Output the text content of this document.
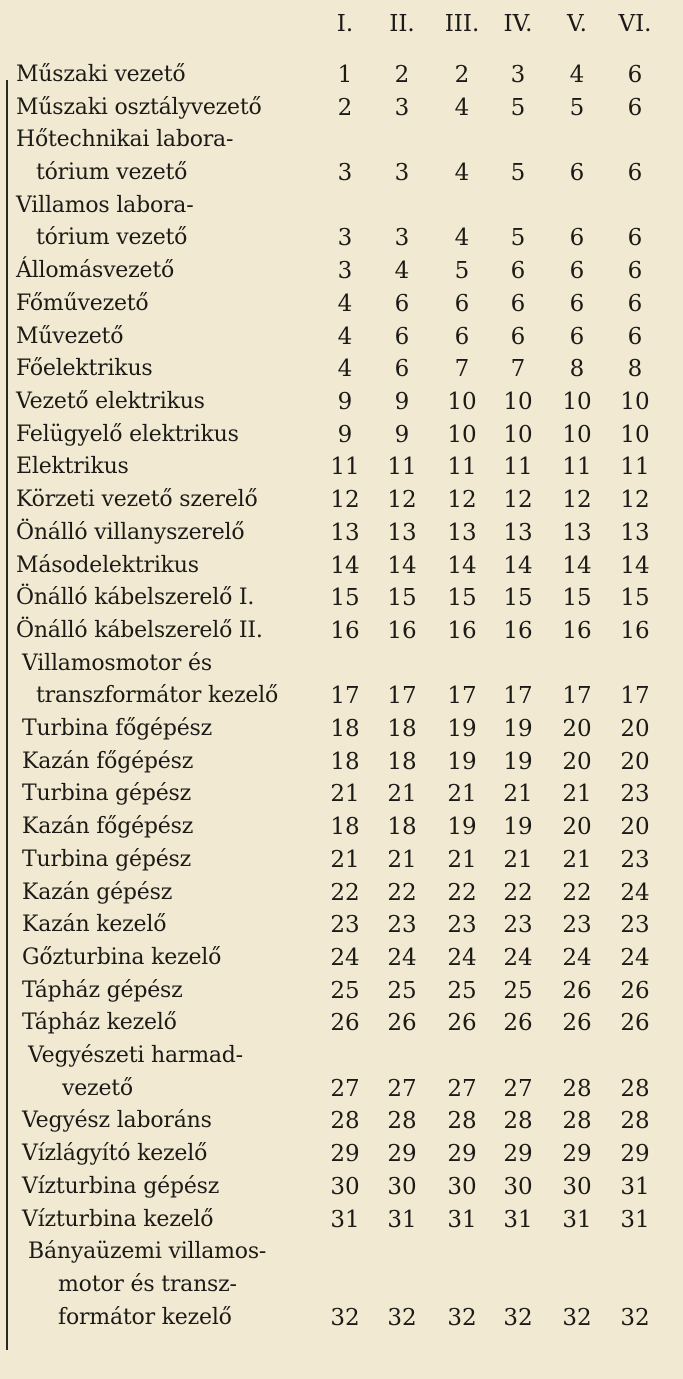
I.	II.	III.	IV.	V.	VI.
Műszaki vezető	1	2	2	3	4	6
Műszaki osztályvezető	2	3	4	5	5	6
Hőtechnikai labora-
tórium vezető	3	3	4	5	6	6
Villamos labora-
tórium vezető	3	3	4	5	6	6
Állomásvezető	3	4	5	6	6	6
Főművezető	4	6	6	6	6	6
Művezető	4	6	6	6	6	6
Főelektrikus	4	6	7	7	8	8
Vezető elektrikus	9	9	10	10	10	10
Felügyelő elektrikus	9	9	10	10	10	10
Elektrikus	11	11	11	11	11	11
Körzeti vezető szerelő	12	12	12	12	12	12
Önálló villanyszerelő	13	13	13	13	13	13
Másodelektrikus	14	14	14	14	14	14
Önálló kábelszerelő I.	15	15	15	15	15	15
Önálló kábelszerelő II.	16	16	16	16	16	16
Villamosmotor és
transzformátor kezelő	17	17	17	17	17	17
Turbina főgépész	18	18	19	19	20	20
Kazán főgépész	18	18	19	19	20	20
Turbina gépész	21	21	21	21	21	23
Kazán főgépész	18	18	19	19	20	20
Turbina gépész	21	21	21	21	21	23
Kazán gépész	22	22	22	22	22	24
Kazán kezelő	23	23	23	23	23	23
Gőzturbina kezelő	24	24	24	24	24	24
Tápház gépész	25	25	25	25	26	26
Tápház kezelő	26	26	26	26	26	26
Vegyészeti harmad-
vezető	27	27	27	27	28	28
Vegyész laboráns	28	28	28	28	28	28
Vízlágyító kezelő	29	29	29	29	29	29
Vízturbina gépész	30	30	30	30	30	31
Vízturbina kezelő	31	31	31	31	31	31
Bányaüzemi villamos-
motor és transz-
formátor kezelő	32	32	32	32	32	32
